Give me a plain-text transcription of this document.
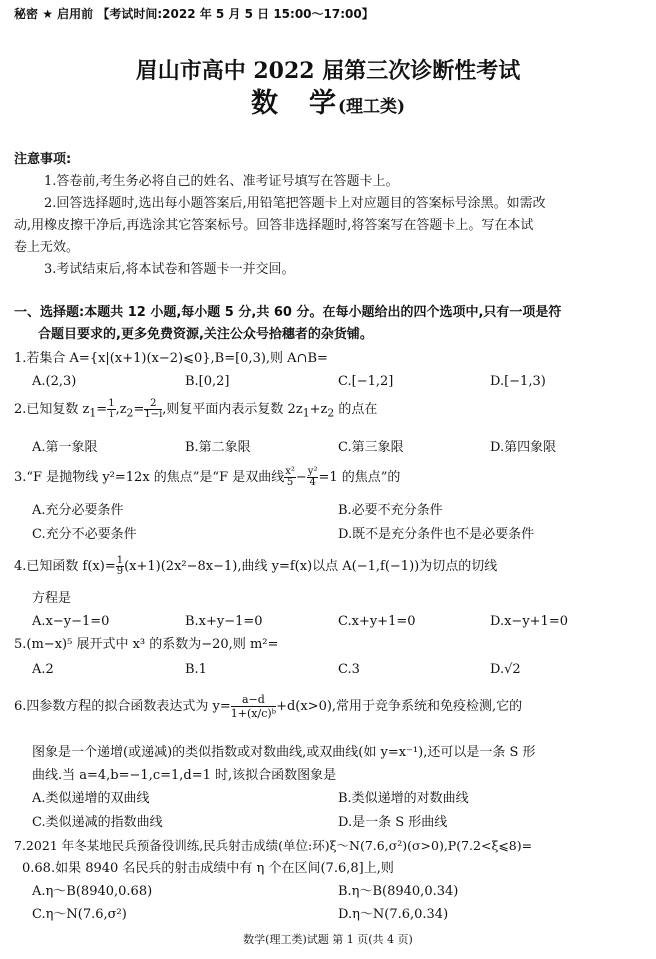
秘密 ★ 启用前 【考试时间:2022 年 5 月 5 日 15:00～17:00】
眉山市高中 2022 届第三次诊断性考试
数　学(理工类)
注意事项:
1.答卷前,考生务必将自己的姓名、准考证号填写在答题卡上。
2.回答选择题时,选出每小题答案后,用铅笔把答题卡上对应题目的答案标号涂黑。如需改
动,用橡皮擦干净后,再选涂其它答案标号。回答非选择题时,将答案写在答题卡上。写在本试
卷上无效。
3.考试结束后,将本试卷和答题卡一并交回。
一、选择题:本题共 12 小题,每小题 5 分,共 60 分。在每小题给出的四个选项中,只有一项是符
合题目要求的,更多免费资源,关注公众号拾穗者的杂货铺。
1.若集合 A={x|(x+1)(x−2)⩽0},B=[0,3),则 A∩B=
A.(2,3)	B.[0,2]	C.[−1,2]	D.[−1,3)
2.已知复数 $z_1= \frac{1}{i} ,z_2= \frac{2}{1-i}$ ,则复平面内表示复数 $2z_1+z_2$ 的点在
A.第一象限	B.第二象限	C.第三象限	D.第四象限
3.“F 是抛物线 y²=12x 的焦点”是“F 是双曲线 $\frac{\text{x²}}{5} - \frac{\text{y²}}{4} =1$ 的焦点”的
A.充分必要条件	B.必要不充分条件
C.充分不必要条件	D.既不是充分条件也不是必要条件
4.已知函数 $f(x)= \frac{1}{9} (x+1)(2x^2-8x-1)$,曲线 y=f(x)以点 A(−1,f(−1))为切点的切线
方程是
A.x−y−1=0	B.x+y−1=0	C.x+y+1=0	D.x−y+1=0
5.(m−x)⁵ 展开式中 x³ 的系数为−20,则 m²=
A.2	B.1	C.3	D.√2
6.四参数方程的拟合函数表达式为 $y= \frac{a-d}{\text{1+(x/c)ᵇ}} +d(x>0)$,常用于竞争系统和免疫检测,它的
图象是一个递增(或递减)的类似指数或对数曲线,或双曲线(如 y=x⁻¹),还可以是一条 S 形
曲线.当 a=4,b=−1,c=1,d=1 时,该拟合函数图象是
A.类似递增的双曲线	B.类似递增的对数曲线
C.类似递减的指数曲线	D.是一条 S 形曲线
7.2021 年冬某地民兵预备役训练,民兵射击成绩(单位:环)ξ～N(7.6,σ²)(σ>0),P(7.2<ξ⩽8)=
0.68.如果 8940 名民兵的射击成绩中有 η 个在区间(7.6,8]上,则
A.η～B(8940,0.68)	B.η～B(8940,0.34)
C.η～N(7.6,σ²)	D.η～N(7.6,0.34)
数学(理工类)试题 第 1 页(共 4 页)
